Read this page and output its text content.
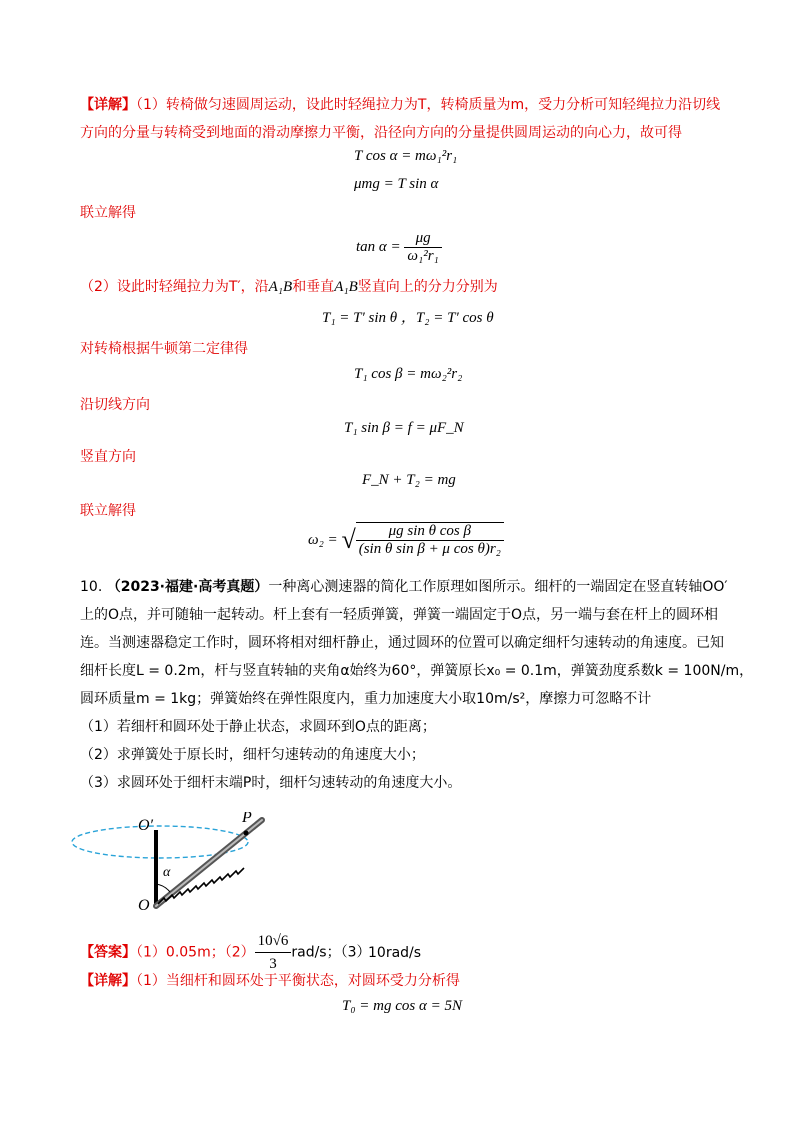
【详解】（1）转椅做匀速圆周运动，设此时轻绳拉力为T，转椅质量为m，受力分析可知轻绳拉力沿切线
方向的分量与转椅受到地面的滑动摩擦力平衡，沿径向方向的分量提供圆周运动的向心力，故可得
T cos α = mω₁²r₁
μmg = T sin α
联立解得
$\tan \alpha = \frac{\mu g}{\text{ω₁²r₁}}$
（2）设此时轻绳拉力为T′，沿A₁B和垂直A₁B竖直向上的分力分别为
T₁ = T′ sin θ ，T₂ = T′ cos θ
对转椅根据牛顿第二定律得
T₁ cos β = mω₂²r₂
沿切线方向
T₁ sin β = f = μF_N
竖直方向
F_N + T₂ = mg
联立解得
ω₂ = √ $\frac{\text{μg sin θ cos β}}{\text{(sin θ sin β + μ cos θ)r₂}}$
10. （2023·福建·高考真题）一种离心测速器的简化工作原理如图所示。细杆的一端固定在竖直转轴OO′
上的O点，并可随轴一起转动。杆上套有一轻质弹簧，弹簧一端固定于O点，另一端与套在杆上的圆环相
连。当测速器稳定工作时，圆环将相对细杆静止，通过圆环的位置可以确定细杆匀速转动的角速度。已知
细杆长度L = 0.2m，杆与竖直转轴的夹角α始终为60°，弹簧原长x₀ = 0.1m，弹簧劲度系数k = 100N/m，
圆环质量m = 1kg；弹簧始终在弹性限度内，重力加速度大小取10m/s²，摩擦力可忽略不计
（1）若细杆和圆环处于静止状态，求圆环到O点的距离；
（2）求弹簧处于原长时，细杆匀速转动的角速度大小；
（3）求圆环处于细杆末端P时，细杆匀速转动的角速度大小。
O′	P
α
O
【答案】（1）0.05m；$(2) \frac{10√6}{3} rad/s$；（3）
10rad/s
【详解】（1）当细杆和圆环处于平衡状态，对圆环受力分析得
T₀ = mg cos α = 5N
